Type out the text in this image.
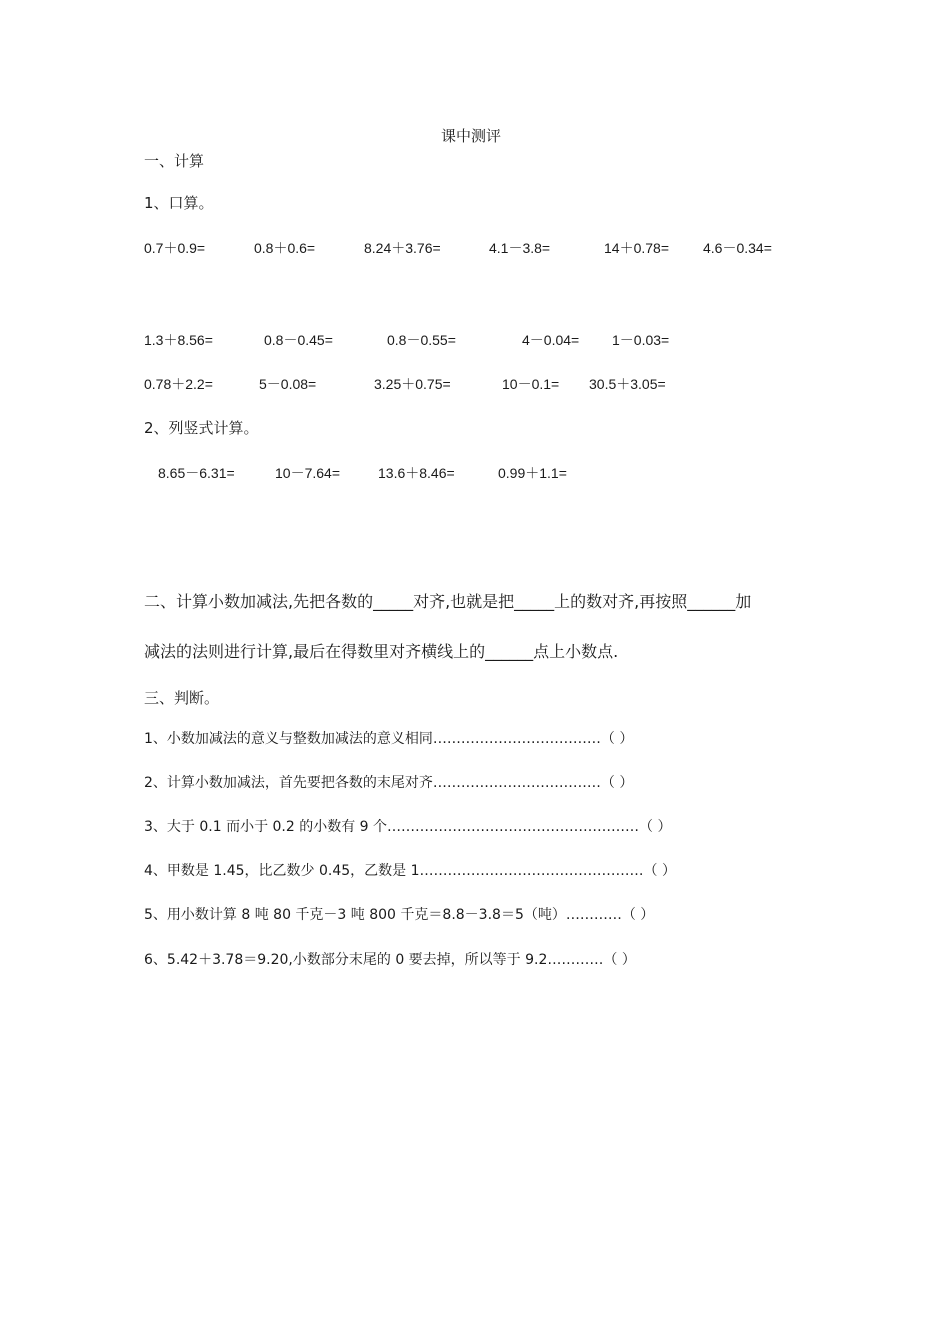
课中测评
一、计算
1、口算。
0.7＋0.9=	0.8＋0.6=	8.24＋3.76=	4.1－3.8=	14＋0.78= 4.6－0.34=
1.3＋8.56=	0.8－0.45=	0.8－0.55=	4－0.04= 1－0.03=
0.78＋2.2=	5－0.08=	3.25＋0.75=	10－0.1= 30.5＋3.05=
2、列竖式计算。
8.65－6.31=	10－7.64=	13.6＋8.46=	0.99＋1.1=
二、计算小数加减法,先把各数的_____对齐,也就是把_____上的数对齐,再按照______加
减法的法则进行计算,最后在得数里对齐横线上的______点上小数点.
三、判断。
1、小数加减法的意义与整数加减法的意义相同………………………………（ ）
2、计算小数加减法，首先要把各数的末尾对齐………………………………（ ）
3、大于 0.1 而小于 0.2 的小数有 9 个………………………………………………（ ）
4、甲数是 1.45，比乙数少 0.45，乙数是 1…………………………………………（ ）
5、用小数计算 8 吨 80 千克－3 吨 800 千克＝8.8－3.8＝5（吨）…………（ ）
6、5.42＋3.78＝9.20,小数部分末尾的 0 要去掉，所以等于 9.2…………（ ）
